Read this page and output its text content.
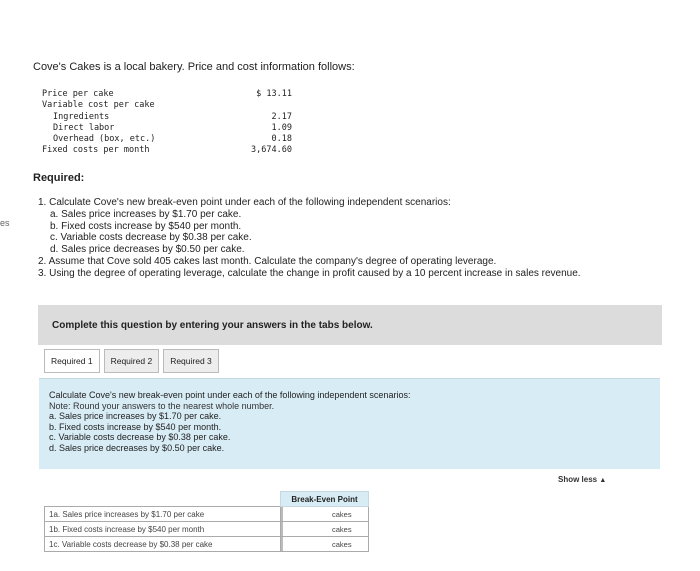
es
Cove's Cakes is a local bakery. Price and cost information follows:
Price per cake	$ 13.11
Variable cost per cake
Ingredients	2.17
Direct labor	1.09
Overhead (box, etc.)	0.18
Fixed costs per month	3,674.60
Required:
1. Calculate Cove's new break-even point under each of the following independent scenarios:
a. Sales price increases by $1.70 per cake.
b. Fixed costs increase by $540 per month.
c. Variable costs decrease by $0.38 per cake.
d. Sales price decreases by $0.50 per cake.
2. Assume that Cove sold 405 cakes last month. Calculate the company's degree of operating leverage.
3. Using the degree of operating leverage, calculate the change in profit caused by a 10 percent increase in sales revenue.
Complete this question by entering your answers in the tabs below.
Required 1	Required 2	Required 3
Calculate Cove's new break-even point under each of the following independent scenarios:
Note: Round your answers to the nearest whole number.
a. Sales price increases by $1.70 per cake.
b. Fixed costs increase by $540 per month.
c. Variable costs decrease by $0.38 per cake.
d. Sales price decreases by $0.50 per cake.
Show less ▲
	Break-Even Point
1a. Sales price increases by $1.70 per cake	cakes

1b. Fixed costs increase by $540 per month	cakes

1c. Variable costs decrease by $0.38 per cake	cakes
